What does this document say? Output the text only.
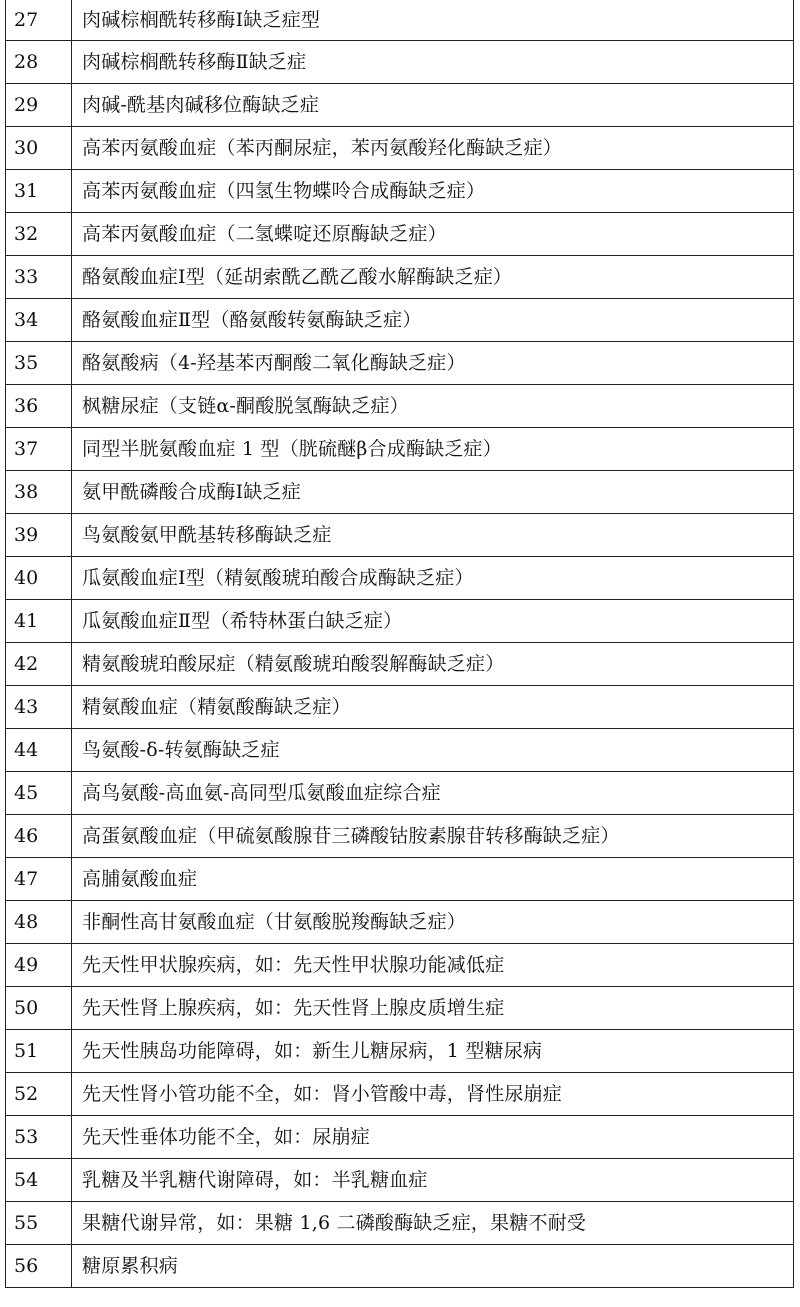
27	肉碱棕榈酰转移酶Ⅰ缺乏症型
28	肉碱棕榈酰转移酶Ⅱ缺乏症
29	肉碱-酰基肉碱移位酶缺乏症
30	高苯丙氨酸血症（苯丙酮尿症，苯丙氨酸羟化酶缺乏症）
31	高苯丙氨酸血症（四氢生物蝶呤合成酶缺乏症）
32	高苯丙氨酸血症（二氢蝶啶还原酶缺乏症）
33	酪氨酸血症Ⅰ型（延胡索酰乙酰乙酸水解酶缺乏症）
34	酪氨酸血症Ⅱ型（酪氨酸转氨酶缺乏症）
35	酪氨酸病（4-羟基苯丙酮酸二氧化酶缺乏症）
36	枫糖尿症（支链α-酮酸脱氢酶缺乏症）
37	同型半胱氨酸血症 1 型（胱硫醚β合成酶缺乏症）
38	氨甲酰磷酸合成酶Ⅰ缺乏症
39	鸟氨酸氨甲酰基转移酶缺乏症
40	瓜氨酸血症Ⅰ型（精氨酸琥珀酸合成酶缺乏症）
41	瓜氨酸血症Ⅱ型（希特林蛋白缺乏症）
42	精氨酸琥珀酸尿症（精氨酸琥珀酸裂解酶缺乏症）
43	精氨酸血症（精氨酸酶缺乏症）
44	鸟氨酸-δ-转氨酶缺乏症
45	高鸟氨酸-高血氨-高同型瓜氨酸血症综合症
46	高蛋氨酸血症（甲硫氨酸腺苷三磷酸钴胺素腺苷转移酶缺乏症）
47	高脯氨酸血症
48	非酮性高甘氨酸血症（甘氨酸脱羧酶缺乏症）
49	先天性甲状腺疾病，如：先天性甲状腺功能减低症
50	先天性肾上腺疾病，如：先天性肾上腺皮质增生症
51	先天性胰岛功能障碍，如：新生儿糖尿病，1 型糖尿病
52	先天性肾小管功能不全，如：肾小管酸中毒，肾性尿崩症
53	先天性垂体功能不全，如：尿崩症
54	乳糖及半乳糖代谢障碍，如：半乳糖血症
55	果糖代谢异常，如：果糖 1,6 二磷酸酶缺乏症，果糖不耐受
56	糖原累积病
